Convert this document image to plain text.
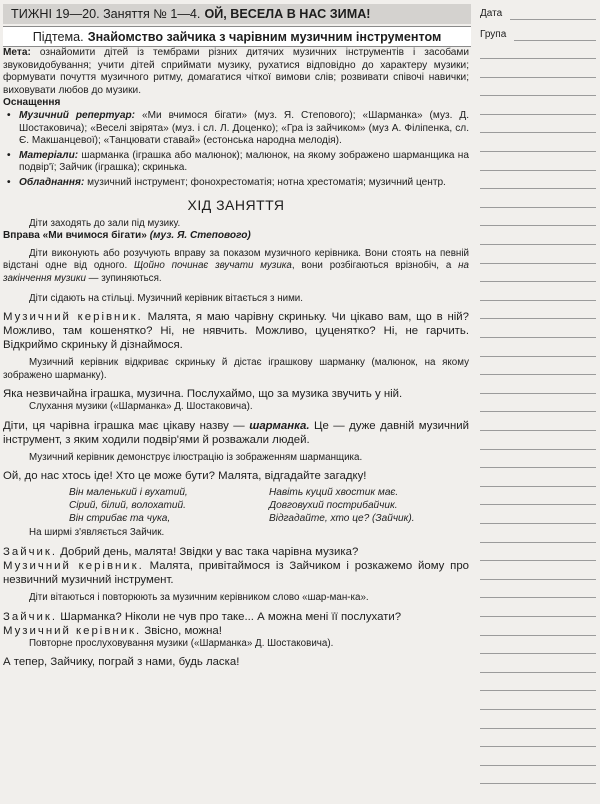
ТИЖНІ 19—20. Заняття № 1—4. ОЙ, ВЕСЕЛА В НАС ЗИМА!
Підтема. Знайомство зайчика з чарівним музичним інструментом
Дата
Група

Мета: ознайомити дітей із тембрами різних дитячих музичних інструментів і засобами звуковидобування; учити дітей сприймати музику, рухатися відповідно до характеру музики; формувати почуття музичного ритму, домагатися чіткої вимови слів; розвивати співочі навички; виховувати любов до музики.

Оснащення

• Музичний репертуар: «Ми вчимося бігати» (муз. Я. Степового); «Шарманка» (муз. Д. Шостаковича); «Веселі звірята» (муз. і сл. Л. Доценко); «Гра із зайчиком» (муз А. Філіпенка, сл. Є. Макшанцевої); «Танцювати ставай» (естонська народна мелодія).
• Матеріали: шарманка (іграшка або малюнок); малюнок, на якому зображено шарманщика на подвір'ї; Зайчик (іграшка); скринька.
• Обладнання: музичний інструмент; фонохрестоматія; нотна хрестоматія; музичний центр.
ХІД ЗАНЯТТЯ

Діти заходять до зали під музику.

Вправа «Ми вчимося бігати» (муз. Я. Степового)

Діти виконують або розучують вправу за показом музичного керівника. Вони стоять на певній відстані одне від одного. Щойно починає звучати музика, вони розбігаються врізнобіч, а на закінчення музики — зупиняються.

Діти сідають на стільці. Музичний керівник вітається з ними.

Музичний керівник. Малята, я маю чарівну скриньку. Чи цікаво вам, що в ній? Можливо, там кошенятко? Ні, не нявчить. Можливо, цуценятко? Ні, не гарчить. Відкриймо скриньку й дізнаймося.

Музичний керівник відкриває скриньку й дістає іграшкову шарманку (малюнок, на якому зображено шарманку).

Яка незвичайна іграшка, музична. Послухаймо, що за музика звучить у ній.

Слухання музики («Шарманка» Д. Шостаковича).

Діти, ця чарівна іграшка має цікаву назву — шарманка. Це — дуже давній музичний інструмент, з яким ходили подвір'ями й розважали людей.

Музичний керівник демонструє ілюстрацію із зображенням шарманщика.

Ой, до нас хтось іде! Хто це може бути? Малята, відгадайте загадку!

Він маленький і вухатий,	Навіть куций хвостик має.
Сірий, білий, волохатий.	Довговухий пострибайчик.
Він стрибає та чука,	Відгадайте, хто це? (Зайчик).

На ширмі з'являється Зайчик.

Зайчик. Добрий день, малята! Звідки у вас така чарівна музика?

Музичний керівник. Малята, привітаймося із Зайчиком і розкажемо йому про незвичний музичний інструмент.

Діти вітаються і повторюють за музичним керівником слово «шар-ман-ка».

Зайчик. Шарманка? Ніколи не чув про таке... А можна мені її послухати?

Музичний керівник. Звісно, можна!

Повторне прослуховування музики («Шарманка» Д. Шостаковича).

А тепер, Зайчику, пограй з нами, будь ласка!
